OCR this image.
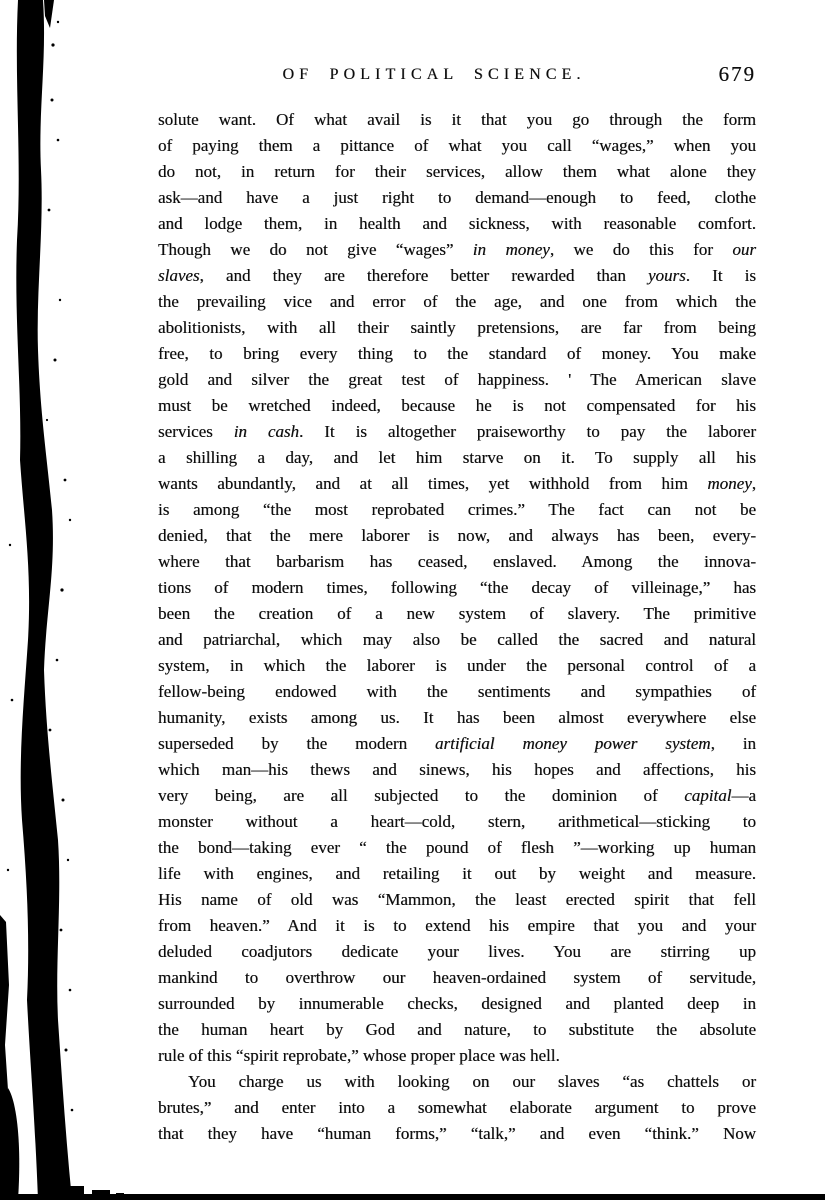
OF POLITICAL SCIENCE.	679
solute want. Of what avail is it that you go through the form
of paying them a pittance of what you call “wages,” when you
do not, in return for their services, allow them what alone they
ask—and have a just right to demand—enough to feed, clothe
and lodge them, in health and sickness, with reasonable comfort.
Though we do not give “wages” in money, we do this for our
slaves, and they are therefore better rewarded than yours. It is
the prevailing vice and error of the age, and one from which the
abolitionists, with all their saintly pretensions, are far from being
free, to bring every thing to the standard of money. You make
gold and silver the great test of happiness. ' The American slave
must be wretched indeed, because he is not compensated for his
services in cash. It is altogether praiseworthy to pay the laborer
a shilling a day, and let him starve on it. To supply all his
wants abundantly, and at all times, yet withhold from him money,
is among “the most reprobated crimes.” The fact can not be
denied, that the mere laborer is now, and always has been, every-
where that barbarism has ceased, enslaved. Among the innova-
tions of modern times, following “the decay of villeinage,” has
been the creation of a new system of slavery. The primitive
and patriarchal, which may also be called the sacred and natural
system, in which the laborer is under the personal control of a
fellow-being endowed with the sentiments and sympathies of
humanity, exists among us. It has been almost everywhere else
superseded by the modern artificial money power system, in
which man—his thews and sinews, his hopes and affections, his
very being, are all subjected to the dominion of capital—a
monster without a heart—cold, stern, arithmetical—sticking to
the bond—taking ever “ the pound of flesh ”—working up human
life with engines, and retailing it out by weight and measure.
His name of old was “Mammon, the least erected spirit that fell
from heaven.” And it is to extend his empire that you and your
deluded coadjutors dedicate your lives. You are stirring up
mankind to overthrow our heaven-ordained system of servitude,
surrounded by innumerable checks, designed and planted deep in
the human heart by God and nature, to substitute the absolute
rule of this “spirit reprobate,” whose proper place was hell.
You charge us with looking on our slaves “as chattels or
brutes,” and enter into a somewhat elaborate argument to prove
that they have “human forms,” “talk,” and even “think.” Now
